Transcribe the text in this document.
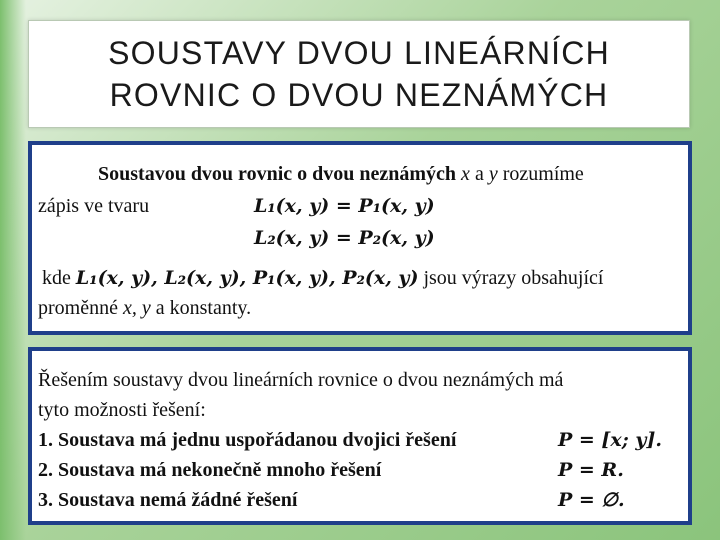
SOUSTAVY DVOU LINEÁRNÍCH
ROVNIC O DVOU NEZNÁMÝCH
Soustavou dvou rovnic o dvou neznámých x a y rozumíme
zápis ve tvaru	L₁(x, y) = P₁(x, y)
L₂(x, y) = P₂(x, y)
kde L₁(x, y), L₂(x, y), P₁(x, y), P₂(x, y) jsou výrazy obsahující
proměnné x, y a konstanty.
Řešením soustavy dvou lineárních rovnice o dvou neznámých má
tyto možnosti řešení:
1. Soustava má jednu uspořádanou dvojici řešení	P = [x; y].
2. Soustava má nekonečně mnoho řešení	P = R.
3. Soustava nemá žádné řešení	P = ∅.
